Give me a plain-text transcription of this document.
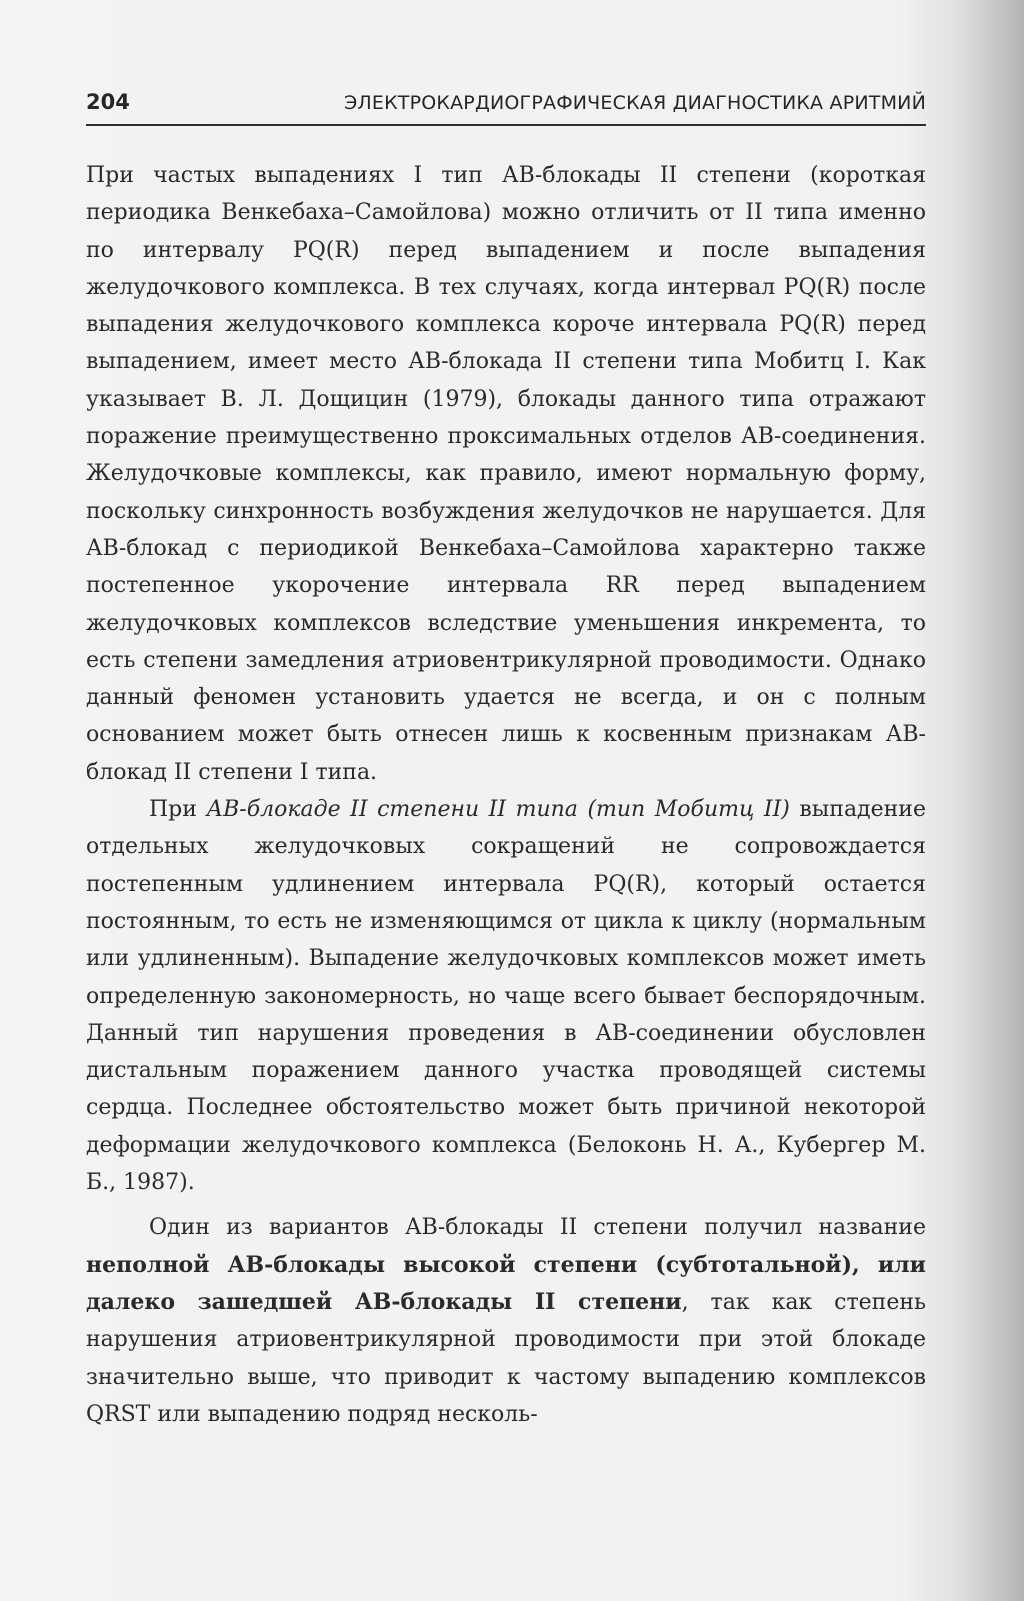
204	ЭЛЕКТРОКАРДИОГРАФИЧЕСКАЯ ДИАГНОСТИКА АРИТМИЙ

При частых выпадениях I тип АВ-блокады II степени (короткая периодика Венкебаха–Самойлова) можно отличить от II типа именно по интервалу PQ(R) перед выпадением и после выпадения желудочкового комплекса. В тех случаях, когда интервал PQ(R) после выпадения желудочкового комплекса короче интервала PQ(R) перед выпадением, имеет место АВ-блокада II степени типа Мобитц I. Как указывает В. Л. Дощицин (1979), блокады данного типа отражают поражение преимущественно проксимальных отделов АВ-соединения. Желудочковые комплексы, как правило, имеют нормальную форму, поскольку синхронность возбуждения желудочков не нарушается. Для АВ-блокад с периодикой Венкебаха–Самойлова характерно также постепенное укорочение интервала RR перед выпадением желудочковых комплексов вследствие уменьшения инкремента, то есть степени замедления атриовентрикулярной проводимости. Однако данный феномен установить удается не всегда, и он с полным основанием может быть отнесен лишь к косвенным признакам АВ-блокад II степени I типа.

При АВ-блокаде II степени II типа (тип Мобитц II) выпадение отдельных желудочковых сокращений не сопровождается постепенным удлинением интервала PQ(R), который остается постоянным, то есть не изменяющимся от цикла к циклу (нормальным или удлиненным). Выпадение желудочковых комплексов может иметь определенную закономерность, но чаще всего бывает беспорядочным. Данный тип нарушения проведения в АВ-соединении обусловлен дистальным поражением данного участка проводящей системы сердца. Последнее обстоятельство может быть причиной некоторой деформации желудочкового комплекса (Белоконь Н. А., Кубергер М. Б., 1987).

Один из вариантов АВ-блокады II степени получил название неполной АВ-блокады высокой степени (субтотальной), или далеко зашедшей АВ-блокады II степени, так как степень нарушения атриовентрикулярной проводимости при этой блокаде значительно выше, что приводит к частому выпадению комплексов QRST или выпадению подряд несколь-
